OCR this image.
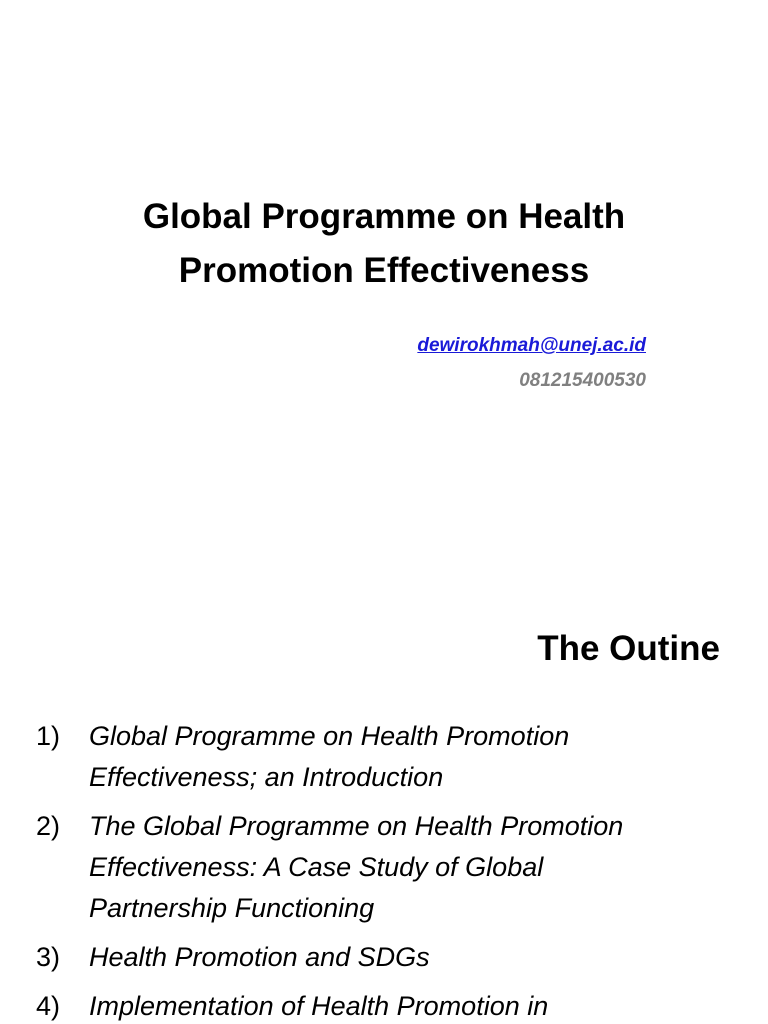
Global Programme on Health
Promotion Effectiveness
dewirokhmah@unej.ac.id
081215400530
The Outine
1)	Global Programme on Health Promotion
Effectiveness; an Introduction
2)	The Global Programme on Health Promotion
Effectiveness: A Case Study of Global
Partnership Functioning
3)	Health Promotion and SDGs
4)	Implementation of Health Promotion in
